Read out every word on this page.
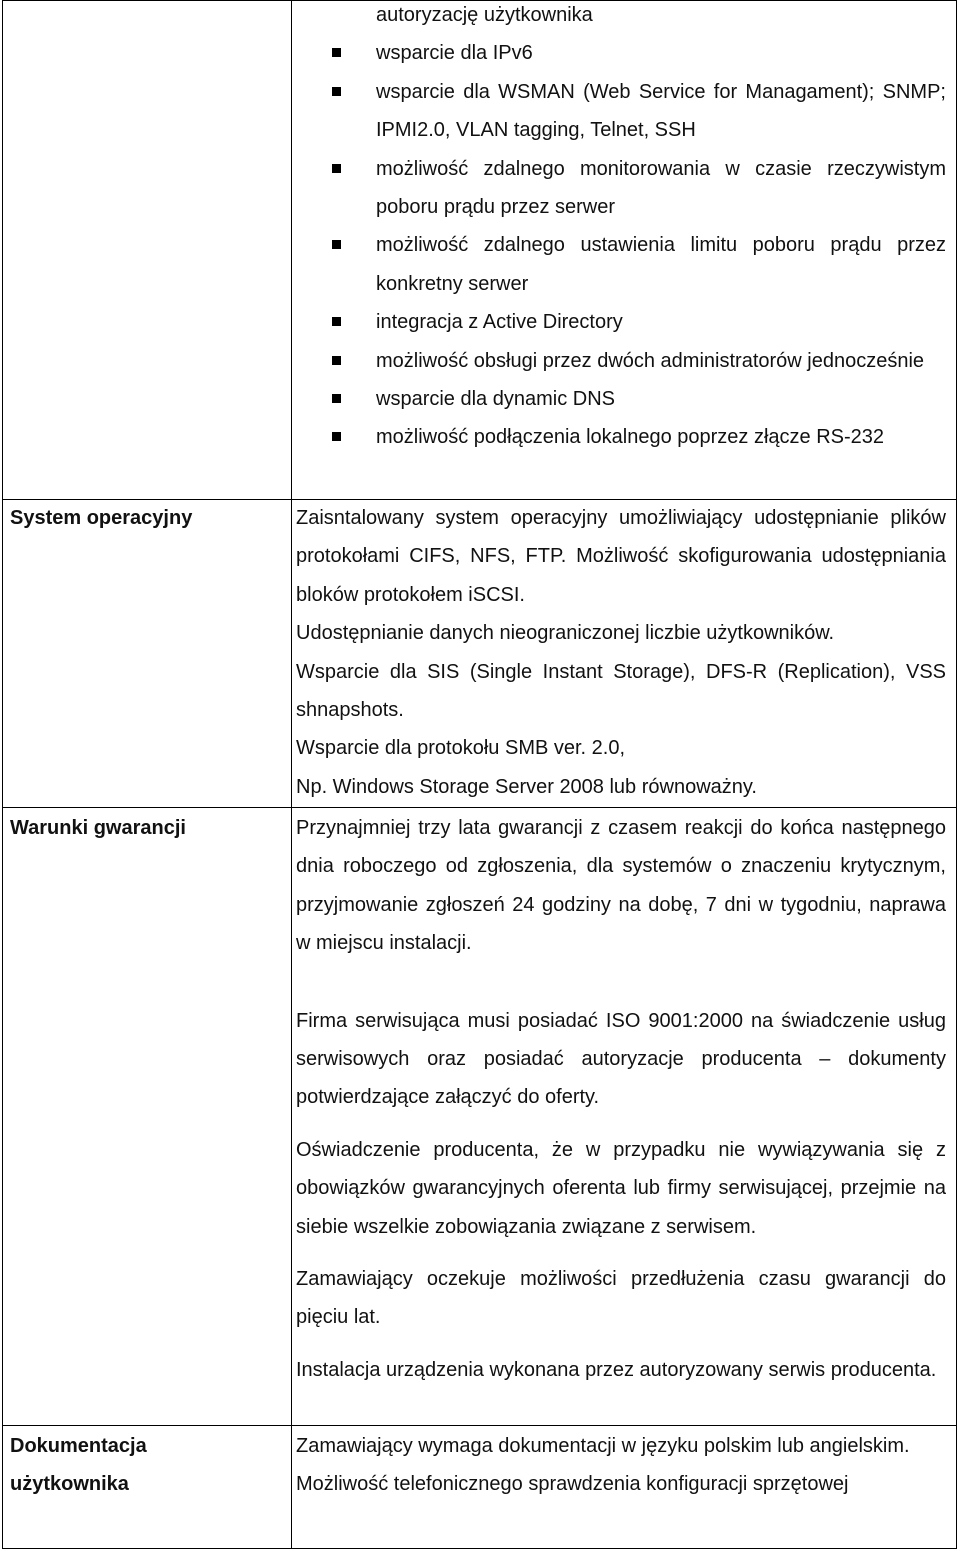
autoryzację użytkownika
wsparcie dla IPv6
wsparcie dla WSMAN (Web Service for Managament); SNMP; IPMI2.0, VLAN tagging, Telnet, SSH
możliwość zdalnego monitorowania w czasie rzeczywistym poboru prądu przez serwer
możliwość zdalnego ustawienia limitu poboru prądu przez konkretny serwer
integracja z Active Directory
możliwość obsługi przez dwóch administratorów jednocześnie
wsparcie dla dynamic DNS
możliwość podłączenia lokalnego poprzez złącze RS-232
System operacyjny	Zaisntalowany system operacyjny umożliwiający udostępnianie plików protokołami CIFS, NFS, FTP. Możliwość skofigurowania udostępniania bloków protokołem iSCSI.

Udostępnianie danych nieograniczonej liczbie użytkowników.

Wsparcie dla SIS (Single Instant Storage), DFS-R (Replication), VSS shnapshots.

Wsparcie dla protokołu SMB ver. 2.0,

Np. Windows Storage Server 2008 lub równoważny.

Warunki gwarancji	Przynajmniej trzy lata gwarancji z czasem reakcji do końca następnego dnia roboczego od zgłoszenia, dla systemów o znaczeniu krytycznym, przyjmowanie zgłoszeń 24 godziny na dobę, 7 dni w tygodniu, naprawa w miejscu instalacji.

Firma serwisująca musi posiadać ISO 9001:2000 na świadczenie usług serwisowych oraz posiadać autoryzacje producenta – dokumenty potwierdzające załączyć do oferty.

Oświadczenie producenta, że w przypadku nie wywiązywania się z obowiązków gwarancyjnych oferenta lub firmy serwisującej, przejmie na siebie wszelkie zobowiązania związane z serwisem.

Zamawiający oczekuje możliwości przedłużenia czasu gwarancji do pięciu lat.

Instalacja urządzenia wykonana przez autoryzowany serwis producenta.

Dokumentacja użytkownika

Zamawiający wymaga dokumentacji w języku polskim lub angielskim.

Możliwość telefonicznego sprawdzenia konfiguracji sprzętowej
